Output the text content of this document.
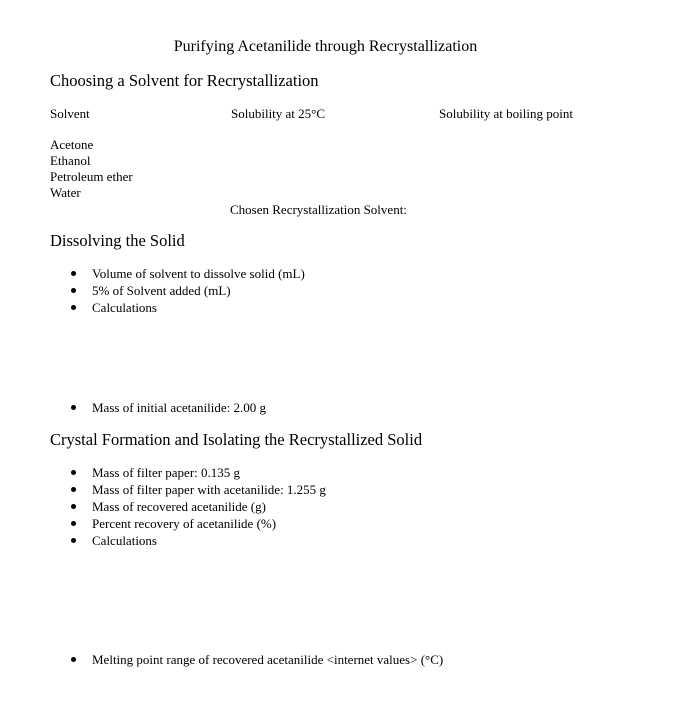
Purifying Acetanilide through Recrystallization
Choosing a Solvent for Recrystallization
Solvent	Solubility at 25°C	Solubility at boiling point
Acetone
Ethanol
Petroleum ether
Water
Chosen Recrystallization Solvent:
Dissolving the Solid
Volume of solvent to dissolve solid (mL)
5% of Solvent added (mL)
Calculations
Mass of initial acetanilide: 2.00 g
Crystal Formation and Isolating the Recrystallized Solid
Mass of filter paper: 0.135 g
Mass of filter paper with acetanilide: 1.255 g
Mass of recovered acetanilide (g)
Percent recovery of acetanilide (%)
Calculations
Melting point range of recovered acetanilide <internet values> (°C)
